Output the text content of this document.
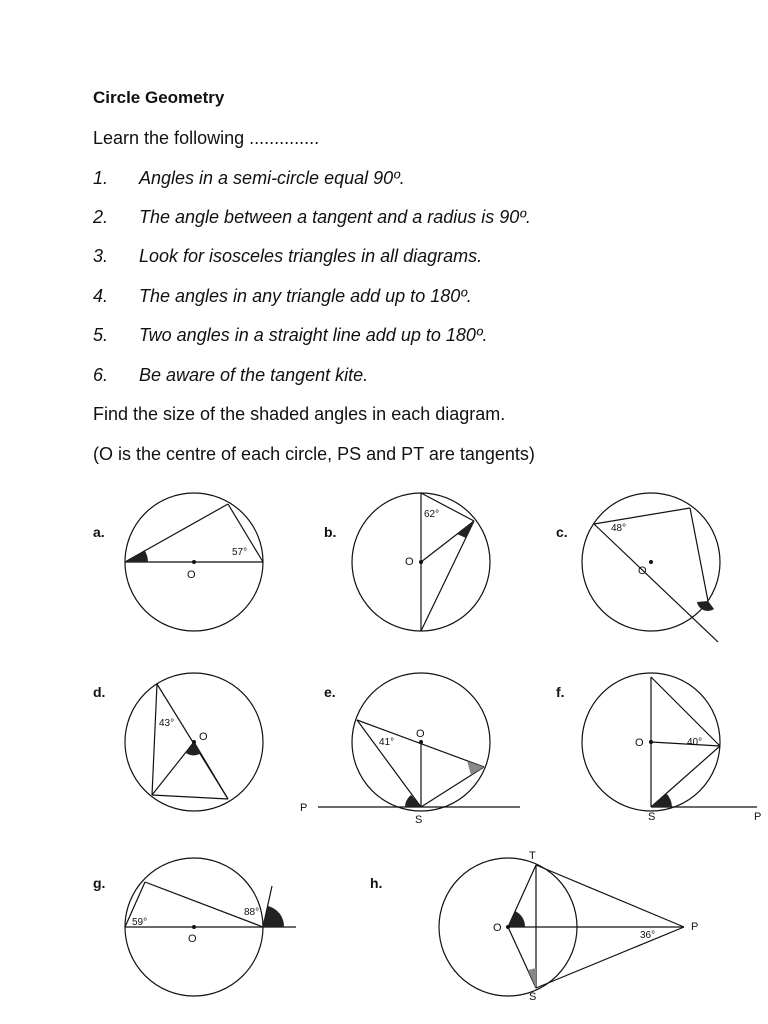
Circle Geometry
Learn the following ..............
1. Angles in a semi-circle equal 90º.
2. The angle between a tangent and a radius is 90º.
3. Look for isosceles triangles in all diagrams.
4. The angles in any triangle add up to 180º.
5. Two angles in a straight line add up to 180º.
6. Be aware of the tangent kite.
Find the size of the shaded angles in each diagram.
(O is the centre of each circle, PS and PT are tangents)
a.
O
57°
b.
O
62°
c.
O
48°
d.
O
43°
e.
O
41°
P
S
f.
O	40°
S	P
g.
O
59°
88°
h.
O
36°
P
T
S
